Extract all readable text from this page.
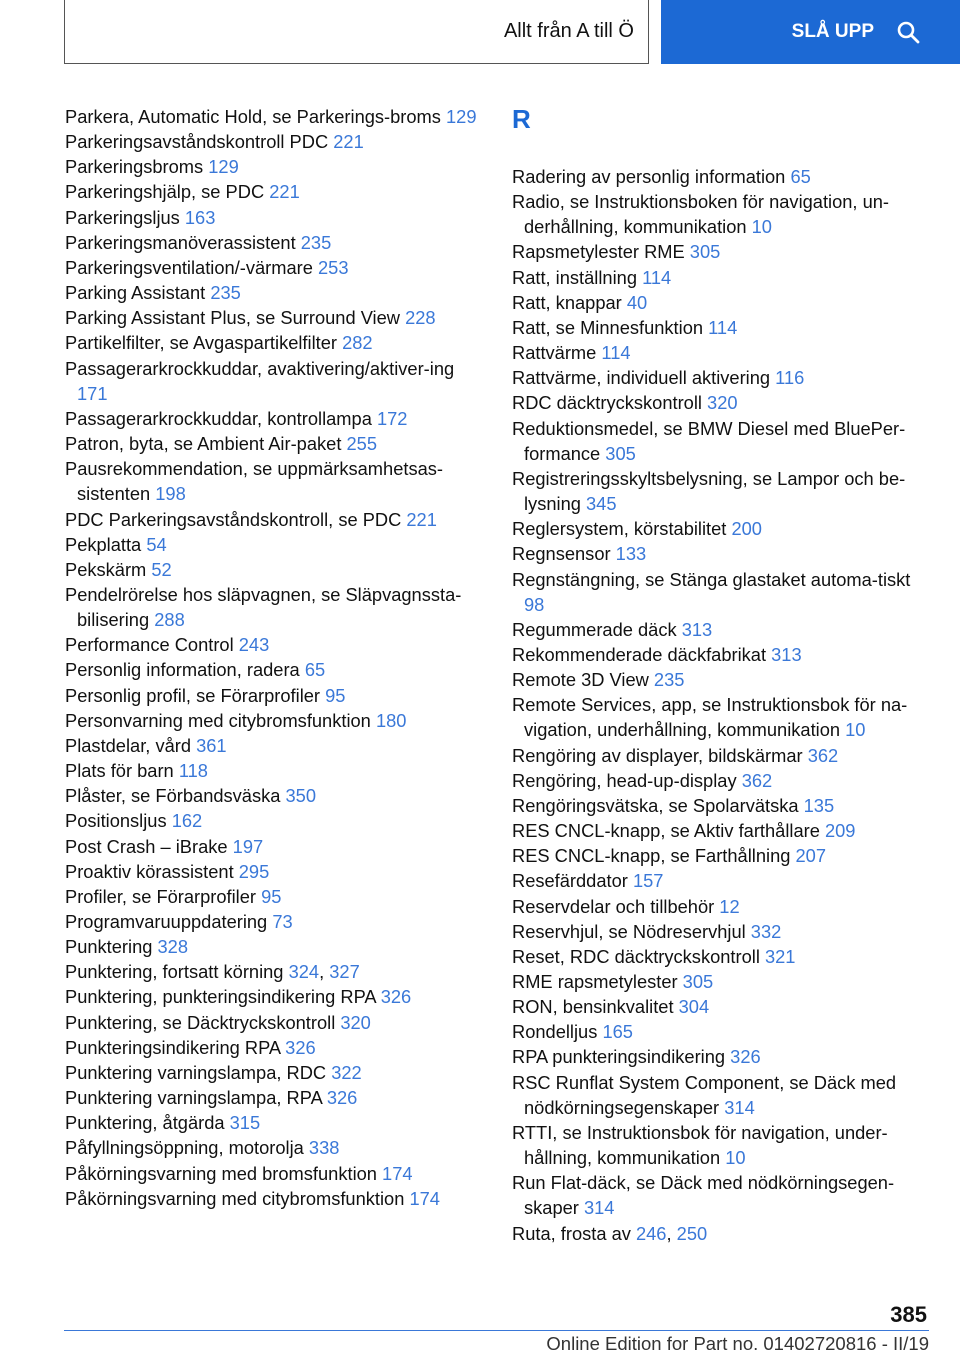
Allt från A till Ö	SLÅ UPP
Parkera, Automatic Hold, se Parkerings-broms 129
Parkeringsavståndskontroll PDC 221
Parkeringsbroms 129
Parkeringshjälp, se PDC 221
Parkeringsljus 163
Parkeringsmanöverassistent 235
Parkeringsventilation/-värmare 253
Parking Assistant 235
Parking Assistant Plus, se Surround View 228
Partikelfilter, se Avgaspartikelfilter 282
Passagerarkrockkuddar, avaktivering/aktiver-ing 171
Passagerarkrockkuddar, kontrollampa 172
Patron, byta, se Ambient Air-paket 255
Pausrekommendation, se uppmärksamhetsas-sistenten 198
PDC Parkeringsavståndskontroll, se PDC 221
Pekplatta 54
Pekskärm 52
Pendelrörelse hos släpvagnen, se Släpvagnssta-bilisering 288
Performance Control 243
Personlig information, radera 65
Personlig profil, se Förarprofiler 95
Personvarning med citybromsfunktion 180
Plastdelar, vård 361
Plats för barn 118
Plåster, se Förbandsväska 350
Positionsljus 162
Post Crash – iBrake 197
Proaktiv körassistent 295
Profiler, se Förarprofiler 95
Programvaruuppdatering 73
Punktering 328
Punktering, fortsatt körning 324, 327
Punktering, punkteringsindikering RPA 326
Punktering, se Däcktryckskontroll 320
Punkteringsindikering RPA 326
Punktering varningslampa, RDC 322
Punktering varningslampa, RPA 326
Punktering, åtgärda 315
Påfyllningsöppning, motorolja 338
Påkörningsvarning med bromsfunktion 174
Påkörningsvarning med citybromsfunktion 174
R
Radering av personlig information 65
Radio, se Instruktionsboken för navigation, un-derhållning, kommunikation 10
Rapsmetylester RME 305
Ratt, inställning 114
Ratt, knappar 40
Ratt, se Minnesfunktion 114
Rattvärme 114
Rattvärme, individuell aktivering 116
RDC däcktryckskontroll 320
Reduktionsmedel, se BMW Diesel med BluePer-formance 305
Registreringsskyltsbelysning, se Lampor och be-lysning 345
Reglersystem, körstabilitet 200
Regnsensor 133
Regnstängning, se Stänga glastaket automa-tiskt 98
Regummerade däck 313
Rekommenderade däckfabrikat 313
Remote 3D View 235
Remote Services, app, se Instruktionsbok för na-vigation, underhållning, kommunikation 10
Rengöring av displayer, bildskärmar 362
Rengöring, head-up-display 362
Rengöringsvätska, se Spolarvätska 135
RES CNCL-knapp, se Aktiv farthållare 209
RES CNCL-knapp, se Farthållning 207
Resefärddator 157
Reservdelar och tillbehör 12
Reservhjul, se Nödreservhjul 332
Reset, RDC däcktryckskontroll 321
RME rapsmetylester 305
RON, bensinkvalitet 304
Rondelljus 165
RPA punkteringsindikering 326
RSC Runflat System Component, se Däck med nödkörningsegenskaper 314
RTTI, se Instruktionsbok för navigation, under-hållning, kommunikation 10
Run Flat-däck, se Däck med nödkörningsegen-skaper 314
Ruta, frosta av 246, 250
385
Online Edition for Part no. 01402720816 - II/19
